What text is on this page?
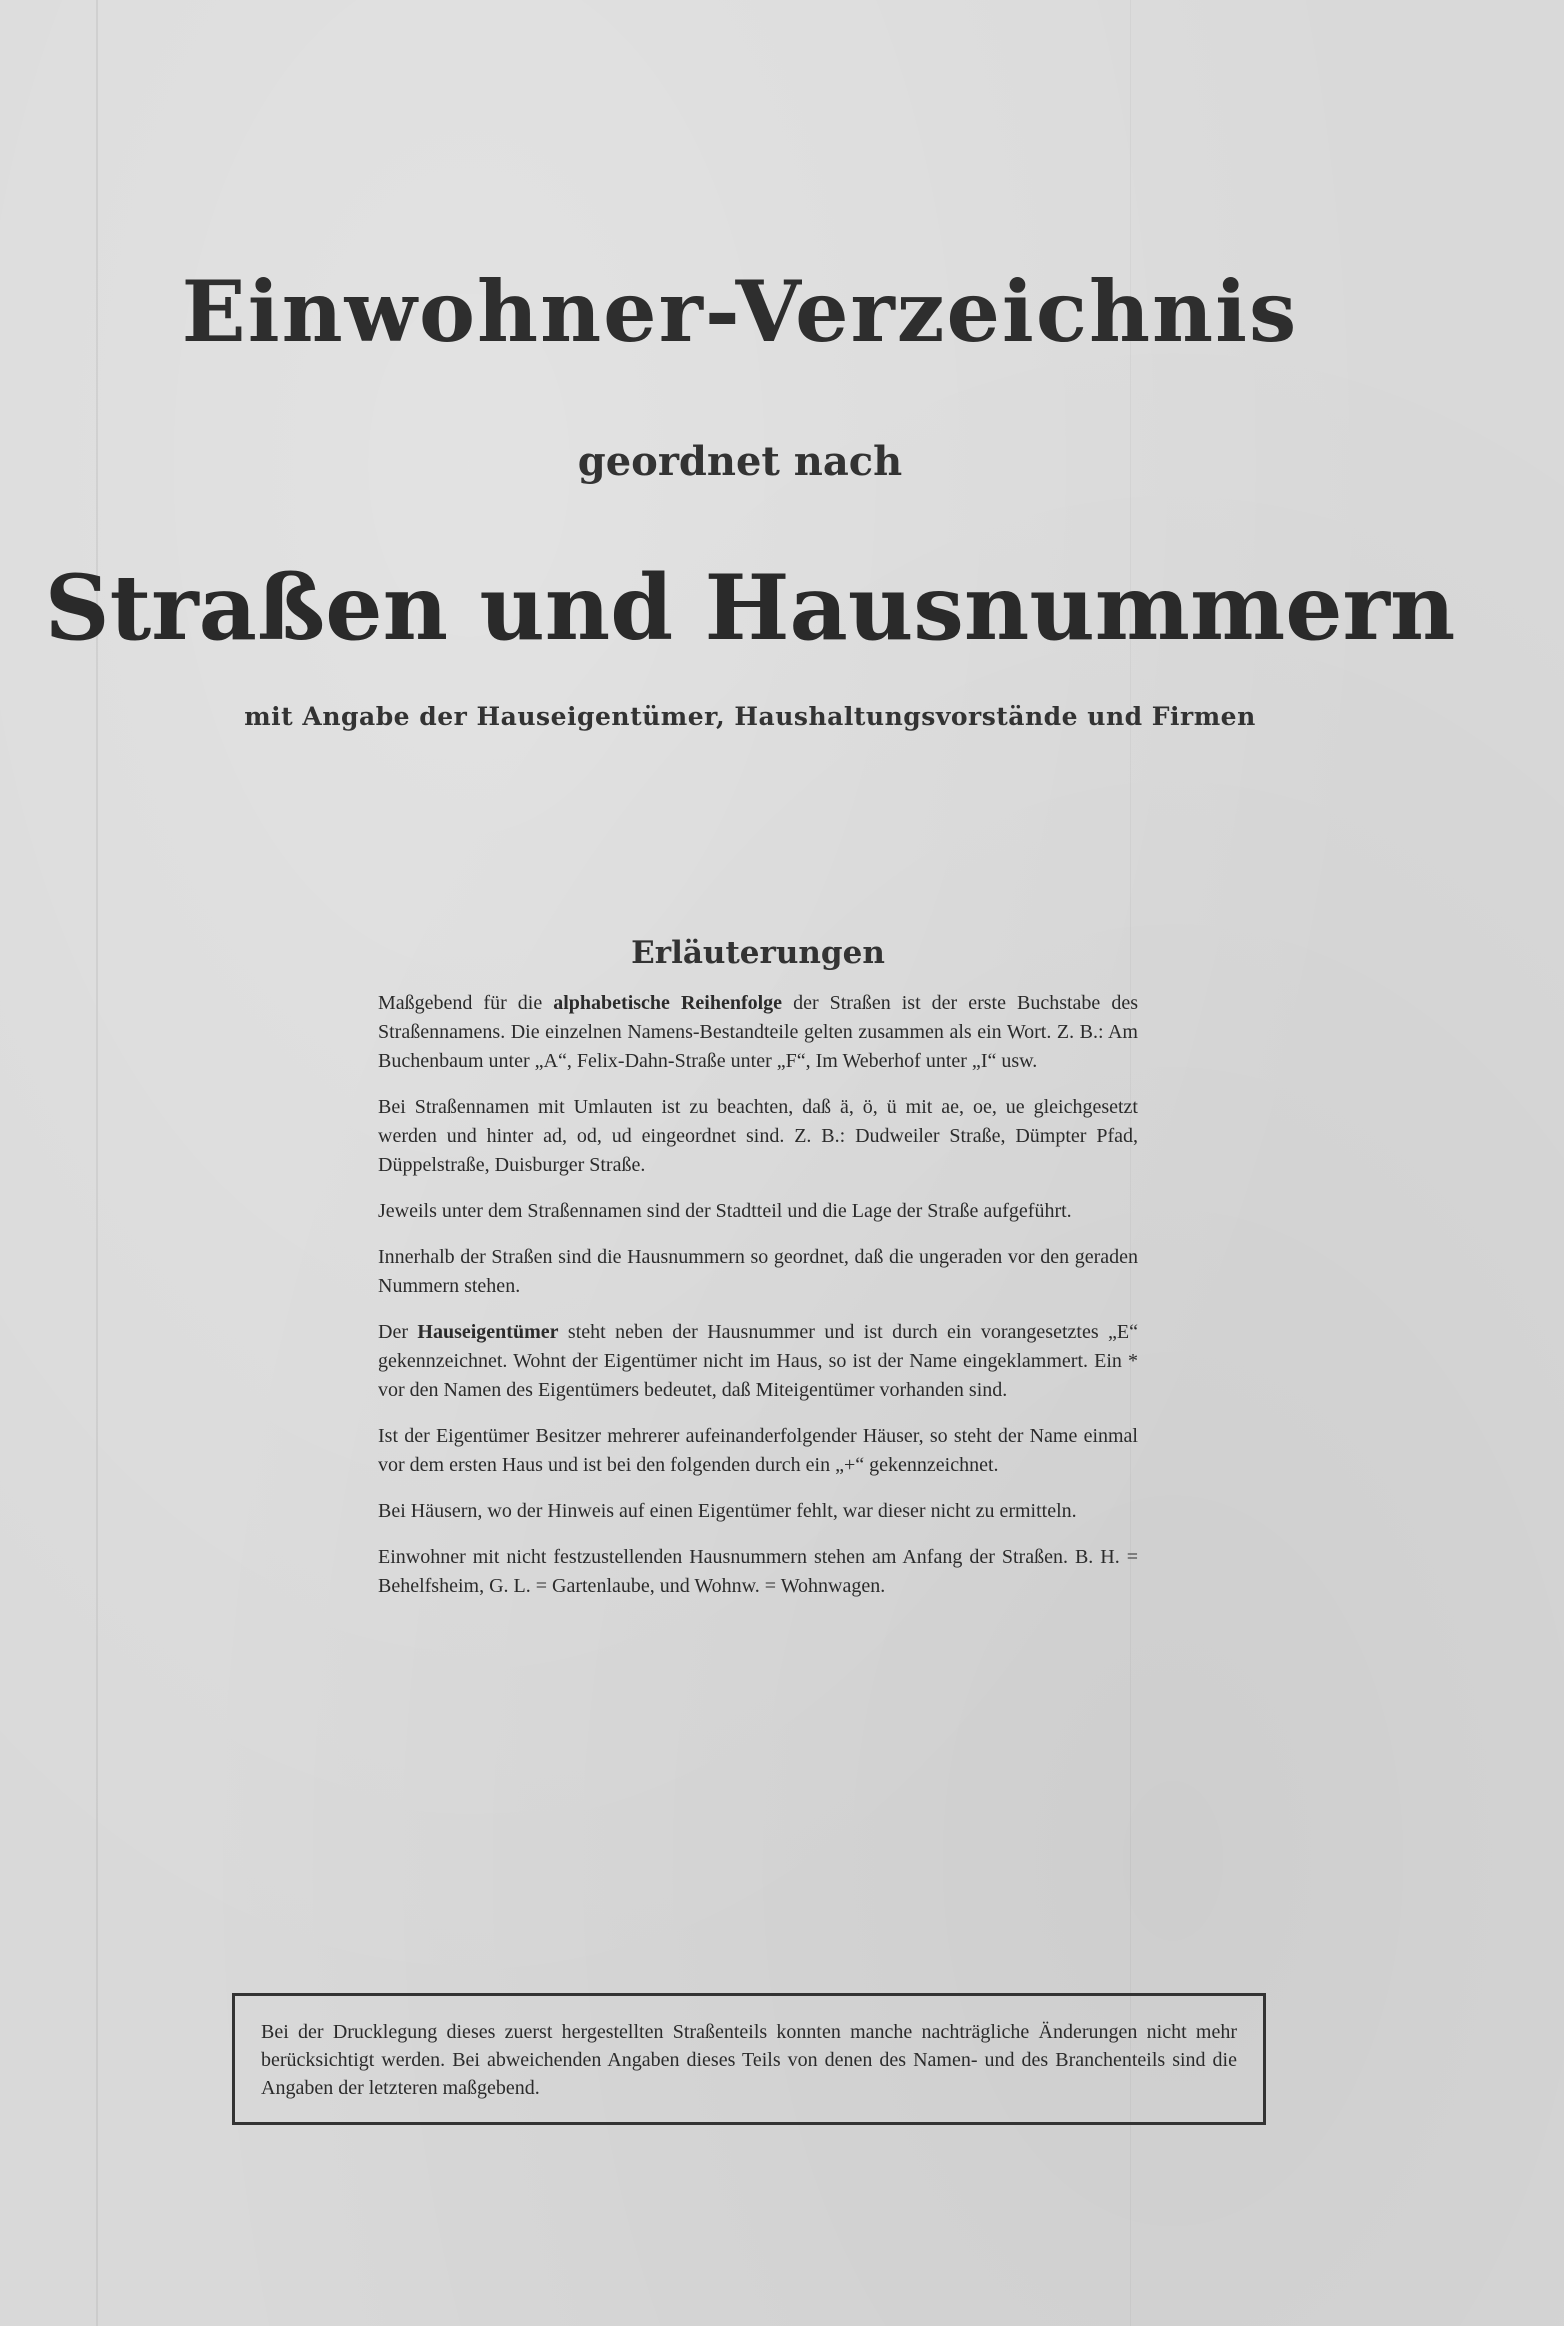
Einwohner-Verzeichnis
geordnet nach
Straßen und Hausnummern
mit Angabe der Hauseigentümer, Haushaltungsvorstände und Firmen
Erläuterungen

Maßgebend für die alphabetische Reihenfolge der Straßen ist der erste Buchstabe des Straßennamens. Die einzelnen Namens-Bestandteile gelten zusammen als ein Wort. Z. B.: Am Buchenbaum unter „A“, Felix-Dahn-Straße unter „F“, Im Weberhof unter „I“ usw.

Bei Straßennamen mit Umlauten ist zu beachten, daß ä, ö, ü mit ae, oe, ue gleichgesetzt werden und hinter ad, od, ud eingeordnet sind. Z. B.: Dudweiler Straße, Dümpter Pfad, Düppelstraße, Duisburger Straße.

Jeweils unter dem Straßennamen sind der Stadtteil und die Lage der Straße aufgeführt.

Innerhalb der Straßen sind die Hausnummern so geordnet, daß die ungeraden vor den geraden Nummern stehen.

Der Hauseigentümer steht neben der Hausnummer und ist durch ein vorangesetztes „E“ gekennzeichnet. Wohnt der Eigentümer nicht im Haus, so ist der Name eingeklammert. Ein * vor den Namen des Eigentümers bedeutet, daß Miteigentümer vorhanden sind.

Ist der Eigentümer Besitzer mehrerer aufeinanderfolgender Häuser, so steht der Name einmal vor dem ersten Haus und ist bei den folgenden durch ein „+“ gekennzeichnet.

Bei Häusern, wo der Hinweis auf einen Eigentümer fehlt, war dieser nicht zu ermitteln.

Einwohner mit nicht festzustellenden Hausnummern stehen am Anfang der Straßen. B. H. = Behelfsheim, G. L. = Gartenlaube, und Wohnw. = Wohnwagen.

Bei der Drucklegung dieses zuerst hergestellten Straßenteils konnten manche nachträgliche Änderungen nicht mehr berücksichtigt werden. Bei abweichenden Angaben dieses Teils von denen des Namen- und des Branchenteils sind die Angaben der letzteren maßgebend.
